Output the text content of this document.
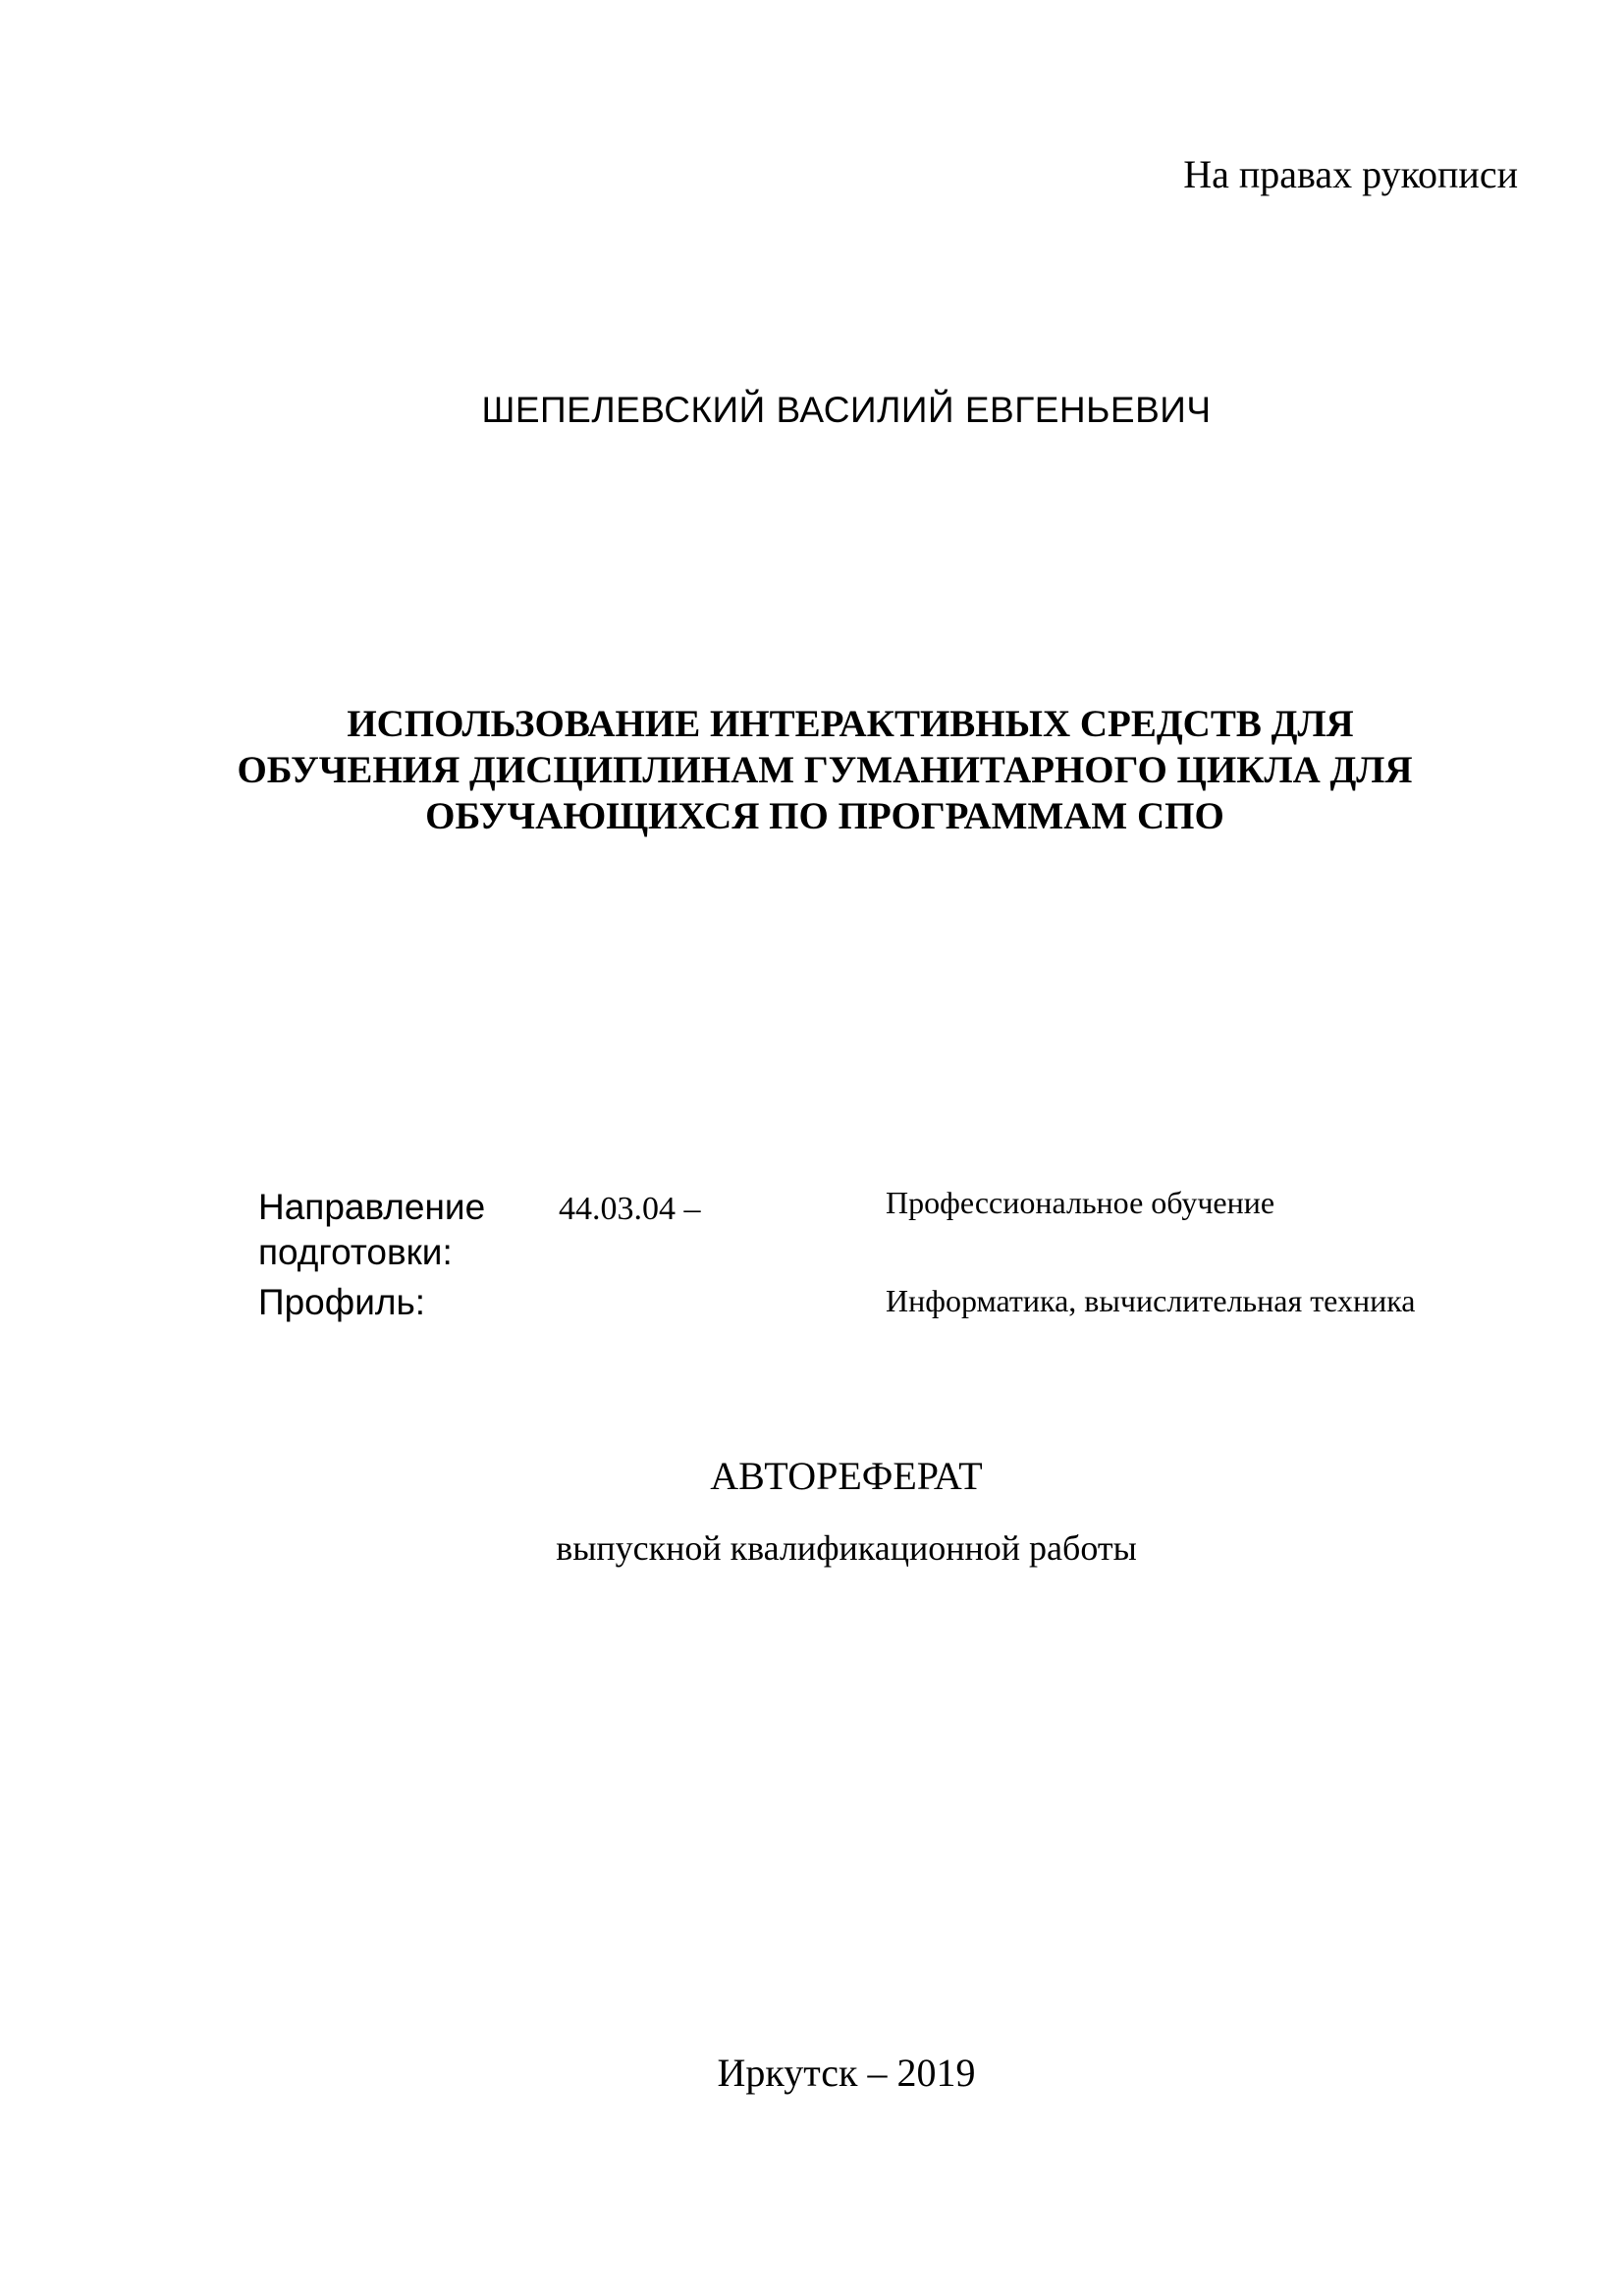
На правах рукописи
ШЕПЕЛЕВСКИЙ ВАСИЛИЙ ЕВГЕНЬЕВИЧ
ИСПОЛЬЗОВАНИЕ ИНТЕРАКТИВНЫХ СРЕДСТВ ДЛЯ
ОБУЧЕНИЯ ДИСЦИПЛИНАМ ГУМАНИТАРНОГО ЦИКЛА ДЛЯ
ОБУЧАЮЩИХСЯ ПО ПРОГРАММАМ СПО
Направление
подготовки:
44.03.04 –	Профессиональное обучение
Профиль:	Информатика, вычислительная техника
АВТОРЕФЕРАТ
выпускной квалификационной работы
Иркутск – 2019
